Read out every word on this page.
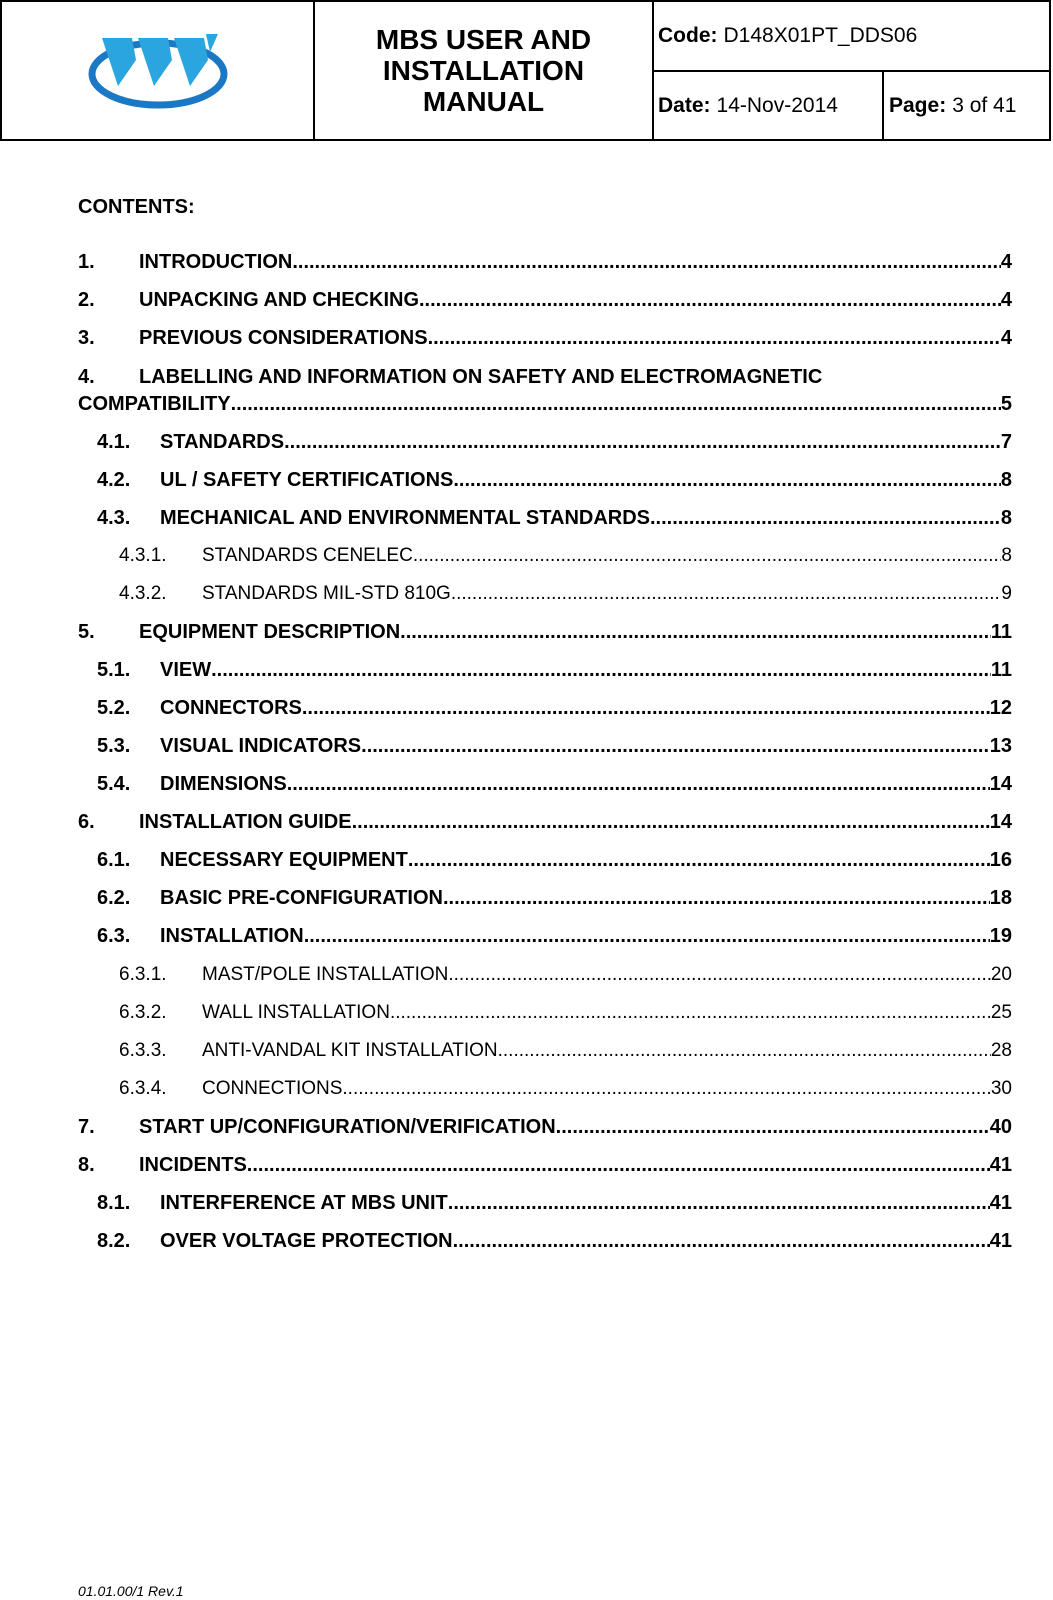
MBS USER AND
INSTALLATION
MANUAL
Code: D148X01PT_DDS06
Date: 14-Nov-2014 Page: 3 of 41
CONTENTS:
1. INTRODUCTION .....	4
2. UNPACKING AND CHECKING .....	4
3. PREVIOUS CONSIDERATIONS .....	4
4. LABELLING AND INFORMATION ON SAFETY AND ELECTROMAGNETIC
COMPATIBILITY .....	5
4.1. STANDARDS .....	7
4.2. UL / SAFETY CERTIFICATIONS .....	8
4.3. MECHANICAL AND ENVIRONMENTAL STANDARDS .....	8
4.3.1. STANDARDS CENELEC .....	8
4.3.2. STANDARDS MIL-STD 810G .....	9
5. EQUIPMENT DESCRIPTION .....	11
5.1. VIEW .....	11
5.2. CONNECTORS .....	12
5.3. VISUAL INDICATORS .....	13
5.4. DIMENSIONS .....	14
6. INSTALLATION GUIDE .....	14
6.1. NECESSARY EQUIPMENT .....	16
6.2. BASIC PRE-CONFIGURATION .....	18
6.3. INSTALLATION .....	19
6.3.1. MAST/POLE INSTALLATION .....	20
6.3.2. WALL INSTALLATION .....	25
6.3.3. ANTI-VANDAL KIT INSTALLATION .....	28
6.3.4. CONNECTIONS .....	30
7. START UP/CONFIGURATION/VERIFICATION .....	40
8. INCIDENTS .....	41
8.1. INTERFERENCE AT MBS UNIT .....	41
8.2. OVER VOLTAGE PROTECTION .....	41
01.01.00/1 Rev.1
